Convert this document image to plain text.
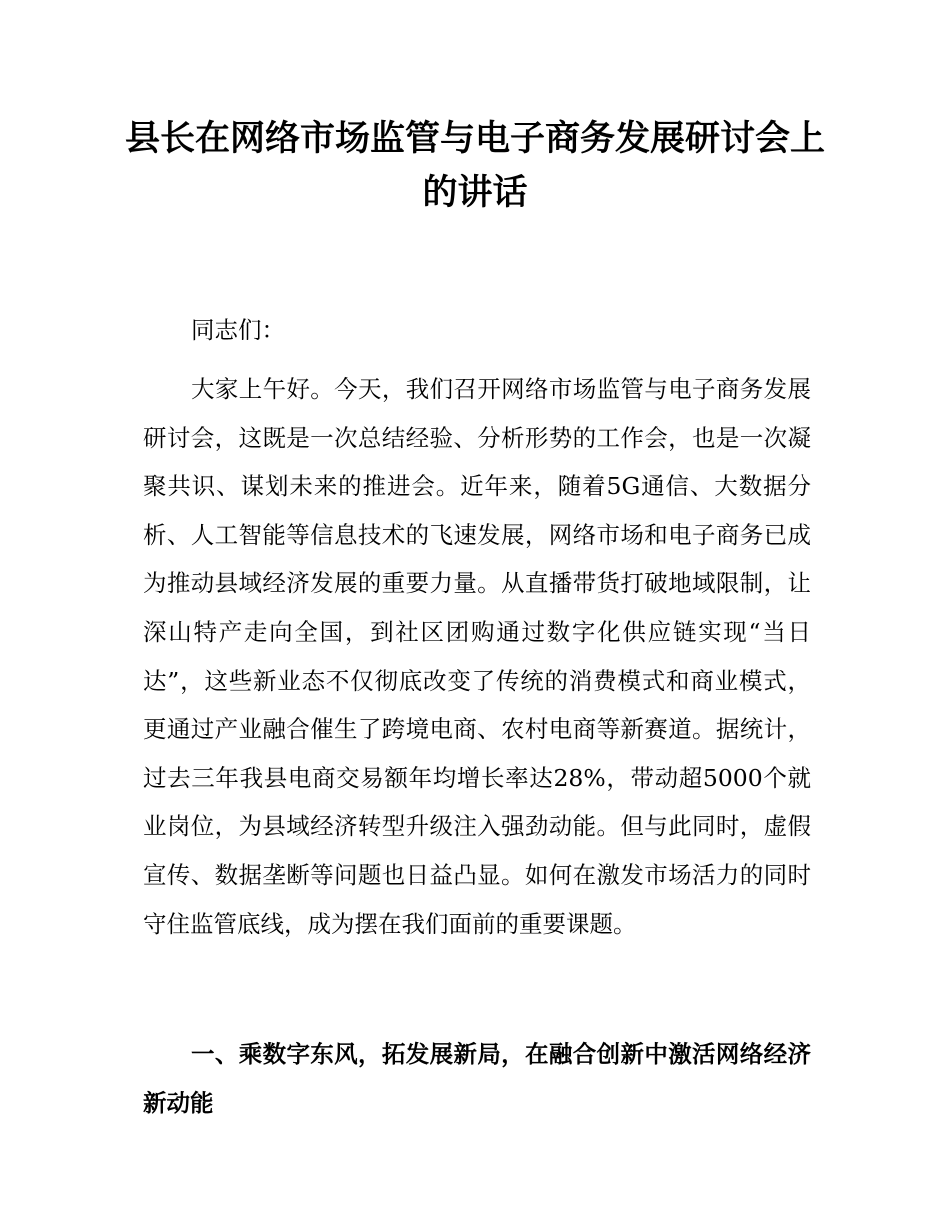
县长在网络市场监管与电子商务发展研讨会上的讲话

同志们：

大家上午好。今天，我们召开网络市场监管与电子商务发展研讨会，这既是一次总结经验、分析形势的工作会，也是一次凝聚共识、谋划未来的推进会。近年来，随着5G通信、大数据分析、人工智能等信息技术的飞速发展，网络市场和电子商务已成为推动县域经济发展的重要力量。从直播带货打破地域限制，让深山特产走向全国，到社区团购通过数字化供应链实现“当日达”，这些新业态不仅彻底改变了传统的消费模式和商业模式，更通过产业融合催生了跨境电商、农村电商等新赛道。据统计，过去三年我县电商交易额年均增长率达28%，带动超5000个就业岗位，为县域经济转型升级注入强劲动能。但与此同时，虚假宣传、数据垄断等问题也日益凸显。如何在激发市场活力的同时守住监管底线，成为摆在我们面前的重要课题。

一、乘数字东风，拓发展新局，在融合创新中激活网络经济新动能
